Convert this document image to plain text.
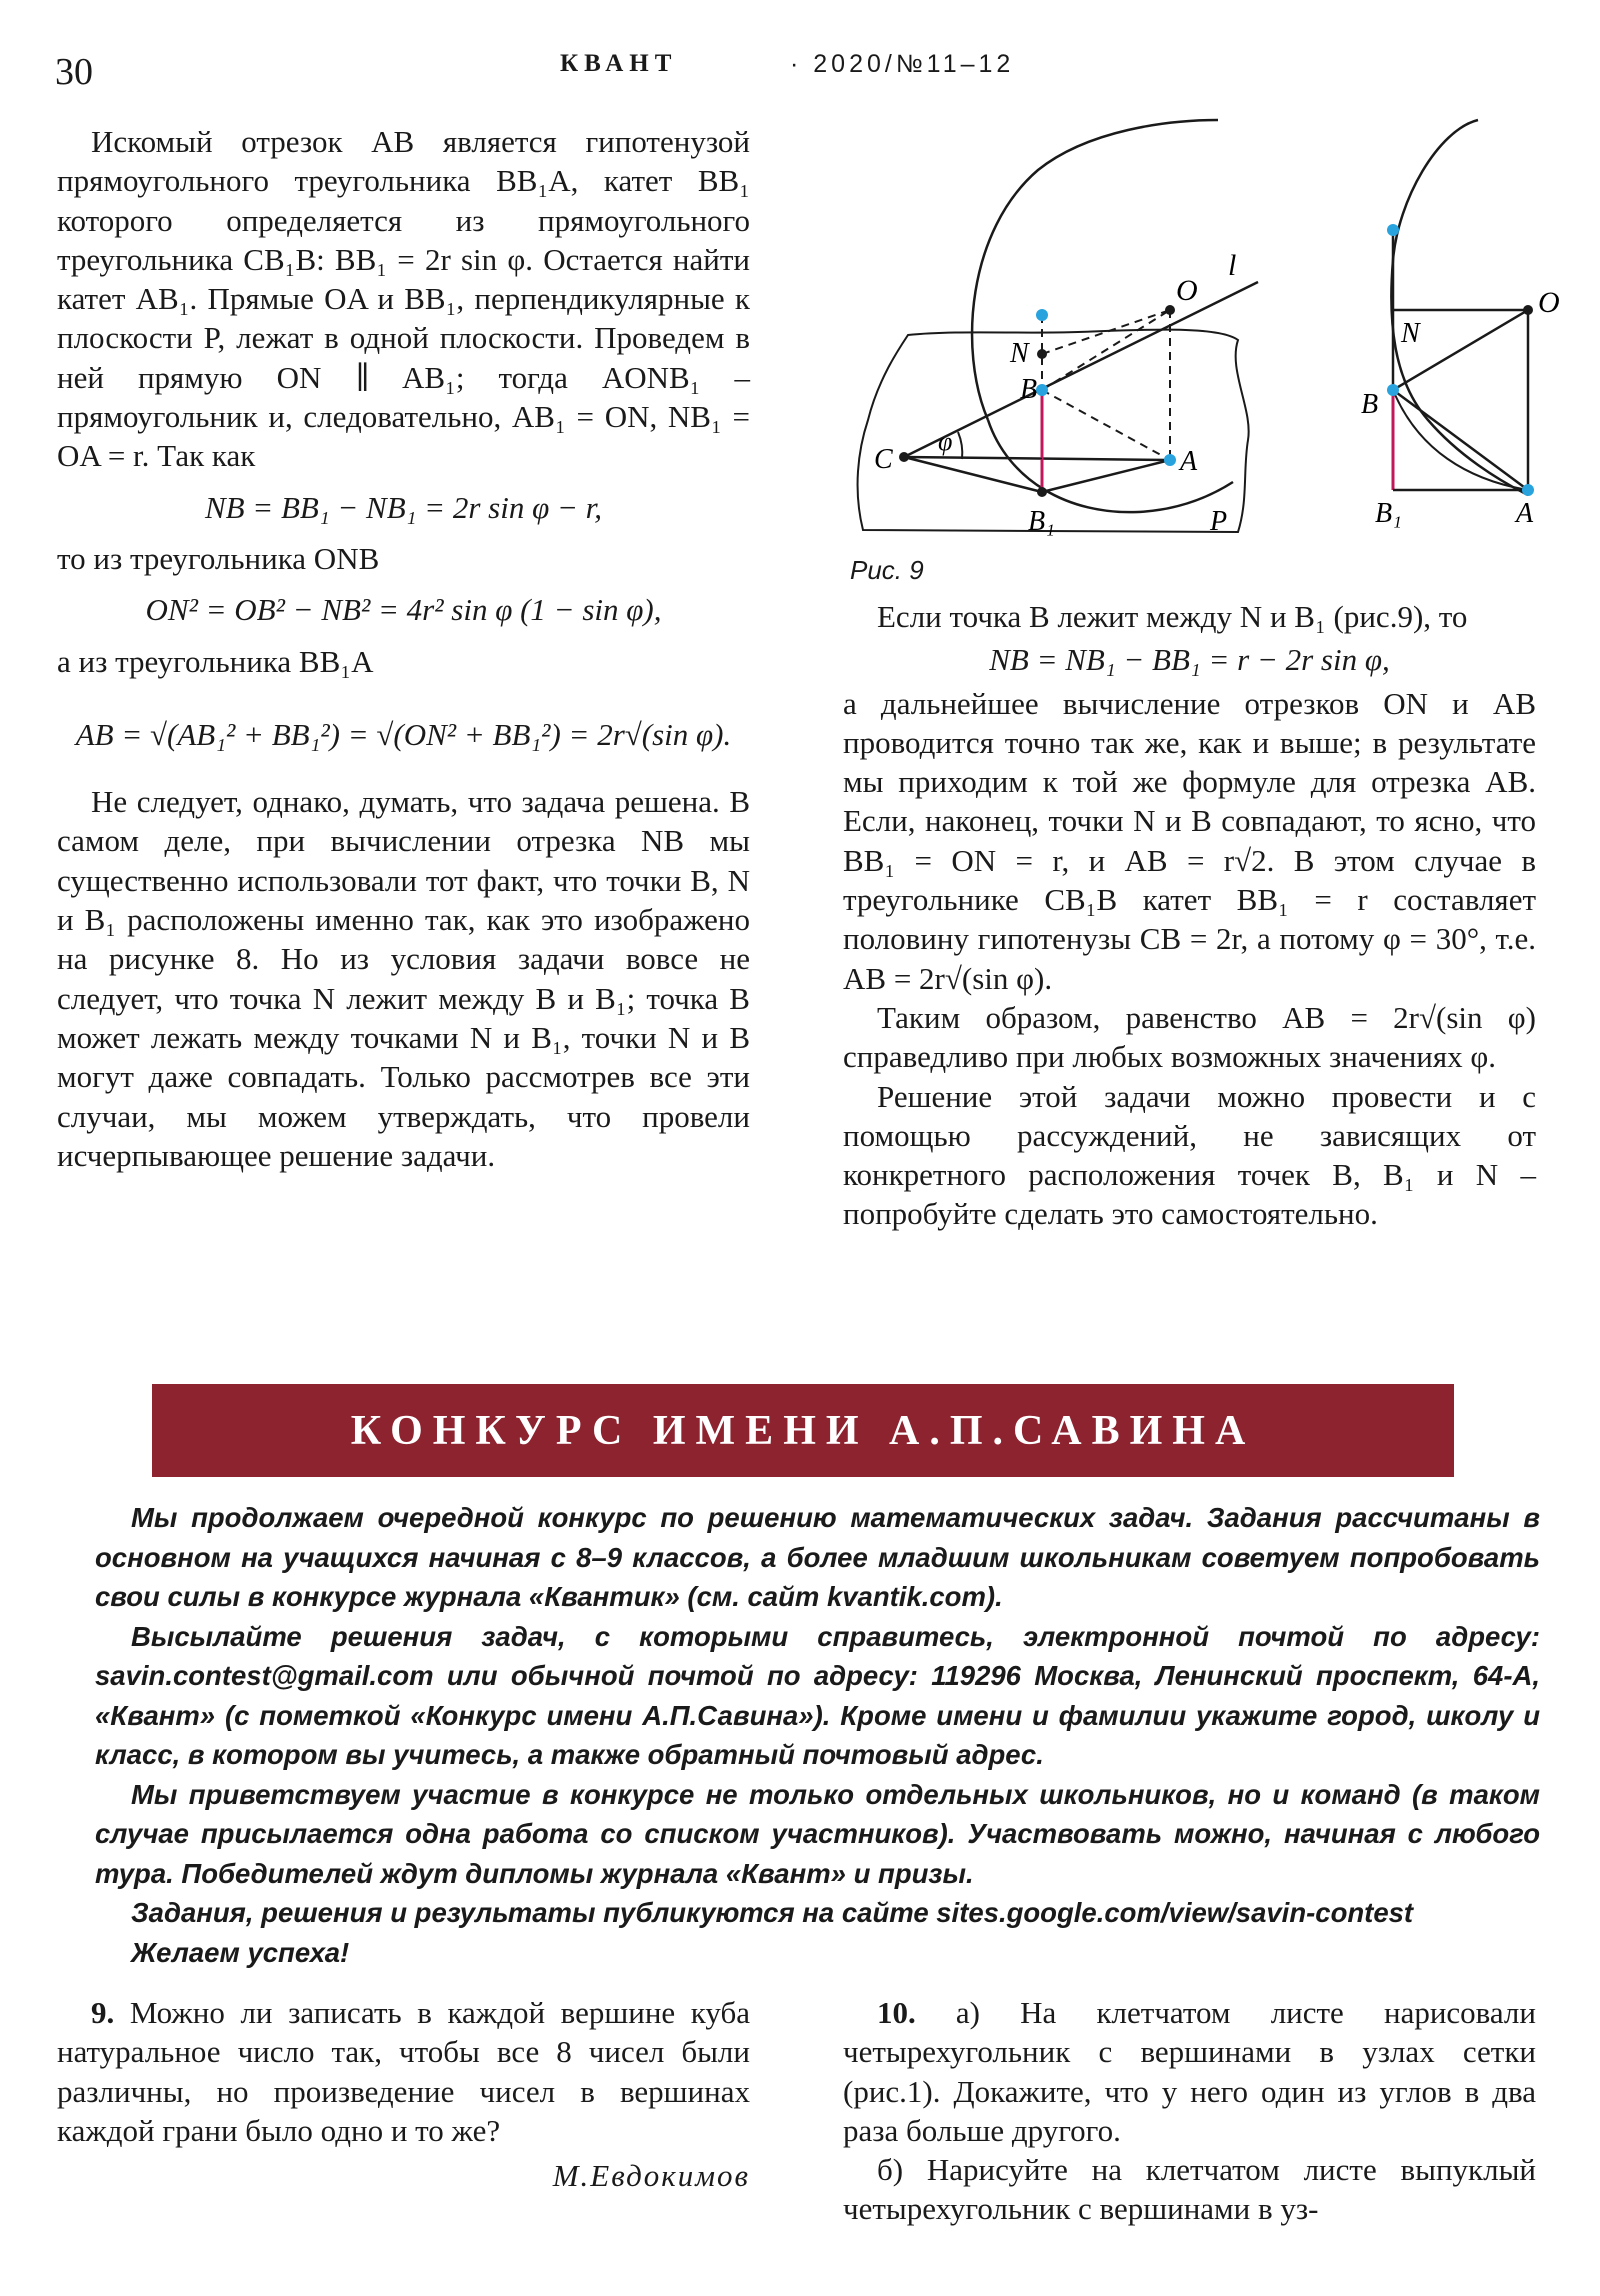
30	КВАНТ	· 2020/№11–12

Искомый отрезок AB является гипотенузой прямоугольного треугольника BB₁A, катет BB₁ которого определяется из прямоугольного треугольника CB₁B: BB₁ = 2r sin φ. Остается найти катет AB₁. Прямые OA и BB₁, перпендикулярные к плоскости P, лежат в одной плоскости. Проведем в ней прямую ON ∥ AB₁; тогда AONB₁ – прямоугольник и, следовательно, AB₁ = ON, NB₁ = OA = r. Так как

NB = BB₁ − NB₁ = 2r sin φ − r,

то из треугольника ONB

ON² = OB² − NB² = 4r² sin φ (1 − sin φ),

а из треугольника BB₁A

AB = √(AB₁² + BB₁²) = √(ON² + BB₁²) = 2r√(sin φ).

Не следует, однако, думать, что задача решена. В самом деле, при вычислении отрезка NB мы существенно использовали тот факт, что точки B, N и B₁ расположены именно так, как это изображено на рисунке 8. Но из условия задачи вовсе не следует, что точка N лежит между B и B₁; точка B может лежать между точками N и B₁, точки N и B могут даже совпадать. Только рассмотрев все эти случаи, мы можем утверждать, что провели исчерпывающее решение задачи.

O
l
N
B
C
φ
A
B₁	P
O
N
B
B₁	A
Рис. 9

Если точка B лежит между N и B₁ (рис.9), то

NB = NB₁ − BB₁ = r − 2r sin φ,

а дальнейшее вычисление отрезков ON и AB проводится точно так же, как и выше; в результате мы приходим к той же формуле для отрезка AB. Если, наконец, точки N и B совпадают, то ясно, что BB₁ = ON = r, и AB = r√2. В этом случае в треугольнике CB₁B катет BB₁ = r составляет половину гипотенузы CB = 2r, а потому φ = 30°, т.е. AB = 2r√(sin φ).

Таким образом, равенство AB = 2r√(sin φ) справедливо при любых возможных значениях φ.

Решение этой задачи можно провести и с помощью рассуждений, не зависящих от конкретного расположения точек B, B₁ и N – попробуйте сделать это самостоятельно.

КОНКУРС ИМЕНИ А.П.САВИНА

Мы продолжаем очередной конкурс по решению математических задач. Задания рассчитаны в основном на учащихся начиная с 8–9 классов, а более младшим школьникам советуем попробовать свои силы в конкурсе журнала «Квантик» (см. сайт kvantik.com).

Высылайте решения задач, с которыми справитесь, электронной почтой по адресу: savin.contest@gmail.com или обычной почтой по адресу: 119296 Москва, Ленинский проспект, 64-А, «Квант» (с пометкой «Конкурс имени А.П.Савина»). Кроме имени и фамилии укажите город, школу и класс, в котором вы учитесь, а также обратный почтовый адрес.

Мы приветствуем участие в конкурсе не только отдельных школьников, но и команд (в таком случае присылается одна работа со списком участников). Участвовать можно, начиная с любого тура. Победителей ждут дипломы журнала «Квант» и призы.

Задания, решения и результаты публикуются на сайте sites.google.com/view/savin-contest

Желаем успеха!

9. Можно ли записать в каждой вершине куба натуральное число так, чтобы все 8 чисел были различны, но произведение чисел в вершинах каждой грани было одно и то же?

М.Евдокимов

10. а) На клетчатом листе нарисовали четырехугольник с вершинами в узлах сетки (рис.1). Докажите, что у него один из углов в два раза больше другого.

б) Нарисуйте на клетчатом листе выпуклый четырехугольник с вершинами в уз-
